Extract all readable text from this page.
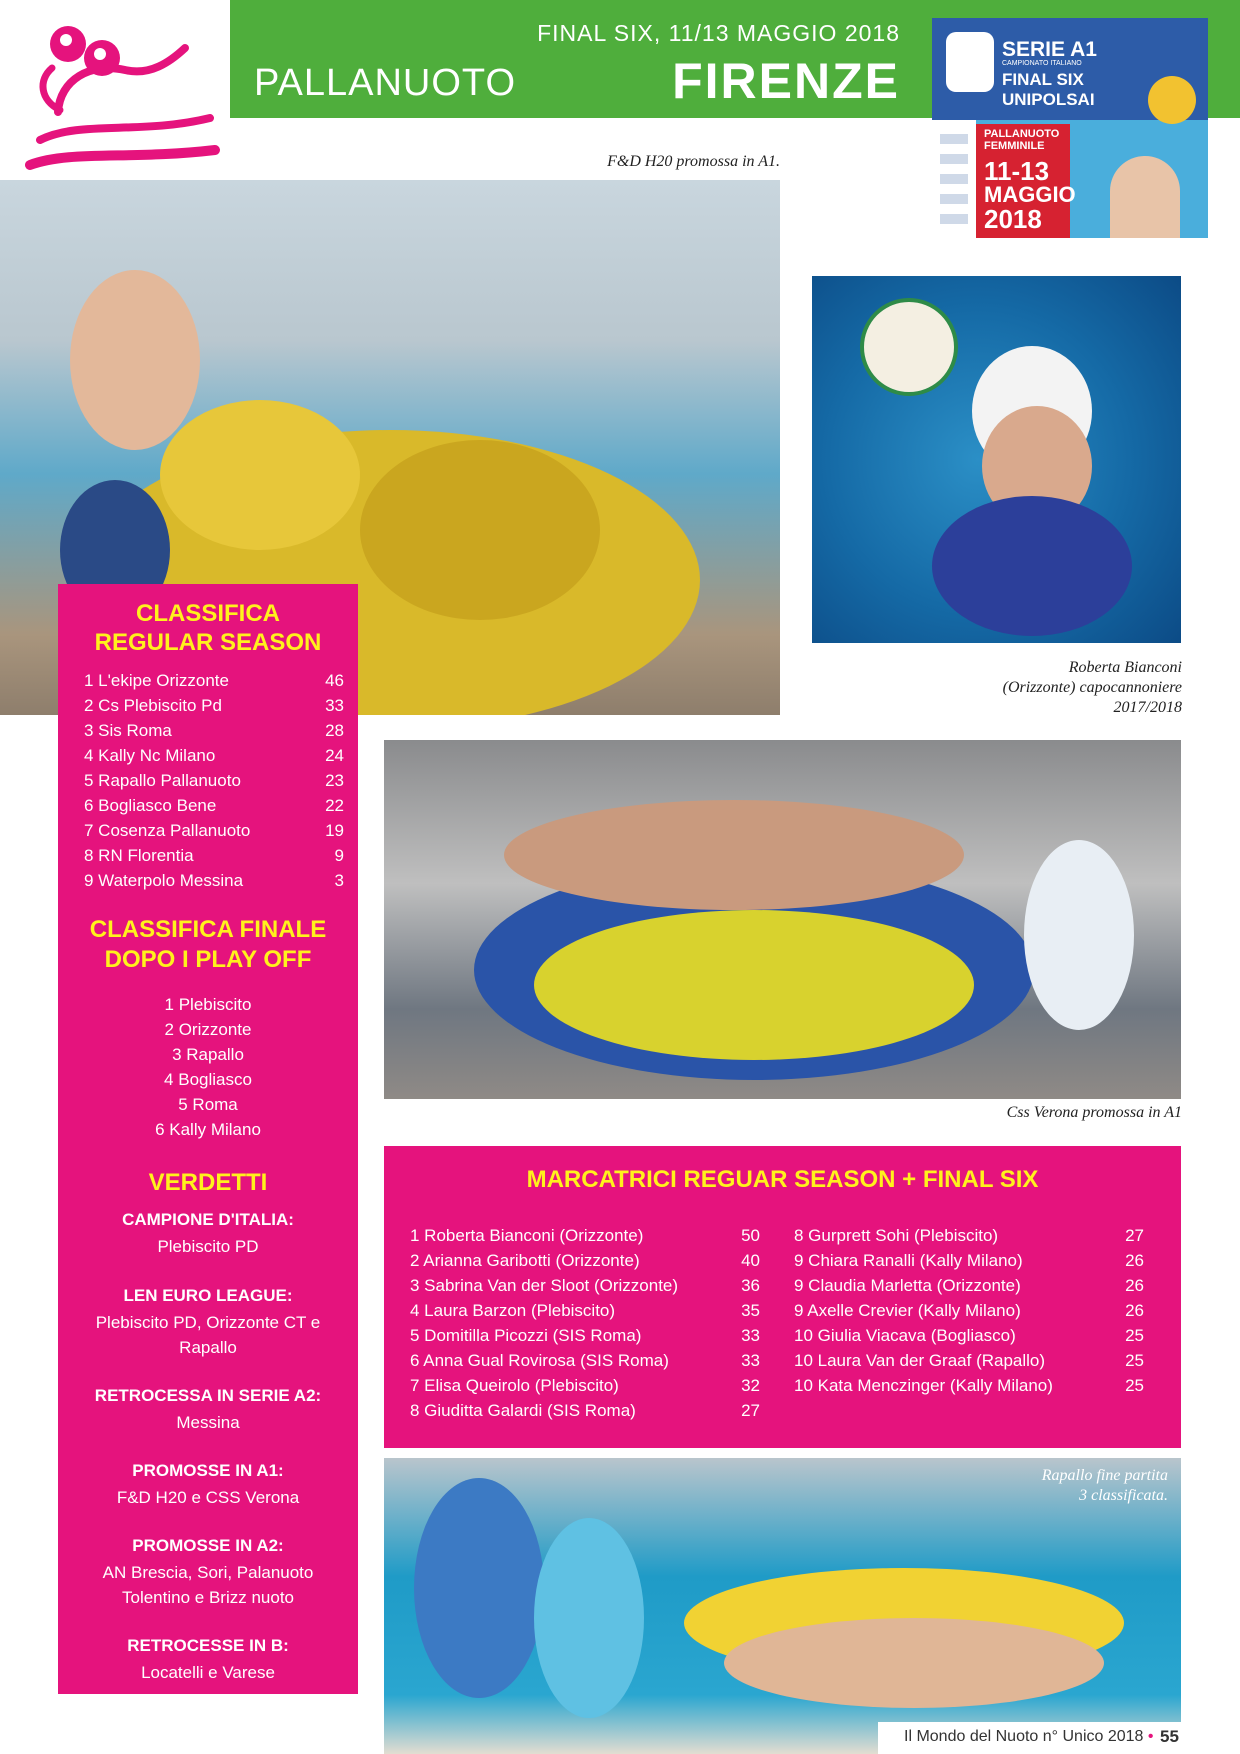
FINAL SIX, 11/13 MAGGIO 2018
PALLANUOTO	FIRENZE
SERIE A1
CAMPIONATO ITALIANO
FINAL SIX
UNIPOLSAI
PALLANUOTO
FEMMINILE
11-13
MAGGIO
2018
F&D H20 promossa in A1.
Roberta Bianconi
(Orizzonte) capocannoniere
2017/2018
Css Verona promossa in A1
Rapallo fine partita
3 classificata.
CLASSIFICA
REGULAR SEASON
1 L'ekipe Orizzonte	46
2 Cs Plebiscito Pd	33
3 Sis Roma	28
4 Kally Nc Milano	24
5 Rapallo Pallanuoto	23
6 Bogliasco Bene	22
7 Cosenza Pallanuoto	19
8 RN Florentia	9
9 Waterpolo Messina	3
CLASSIFICA FINALE
DOPO I PLAY OFF
1 Plebiscito
2 Orizzonte
3 Rapallo
4 Bogliasco
5 Roma
6 Kally Milano
VERDETTI
CAMPIONE D'ITALIA:
Plebiscito PD
LEN EURO LEAGUE:
Plebiscito PD, Orizzonte CT e
Rapallo
RETROCESSA IN SERIE A2:
Messina
PROMOSSE IN A1:
F&D H20 e CSS Verona
PROMOSSE IN A2:
AN Brescia, Sori, Palanuoto
Tolentino e Brizz nuoto
RETROCESSE IN B:
Locatelli e Varese
MARCATRICI REGUAR SEASON + FINAL SIX
1 Roberta Bianconi (Orizzonte)	50
2 Arianna Garibotti (Orizzonte)	40
3 Sabrina Van der Sloot (Orizzonte)	36
4 Laura Barzon (Plebiscito)	35
5 Domitilla Picozzi (SIS Roma)	33
6 Anna Gual Rovirosa (SIS Roma)	33
7 Elisa Queirolo (Plebiscito)	32
8 Giuditta Galardi (SIS Roma)	27
8 Gurprett Sohi (Plebiscito)	27
9 Chiara Ranalli (Kally Milano)	26
9 Claudia Marletta (Orizzonte)	26
9 Axelle Crevier (Kally Milano)	26
10 Giulia Viacava (Bogliasco)	25
10 Laura Van der Graaf (Rapallo)	25
10 Kata Menczinger (Kally Milano)	25
Il Mondo del Nuoto n° Unico 2018 • 55
